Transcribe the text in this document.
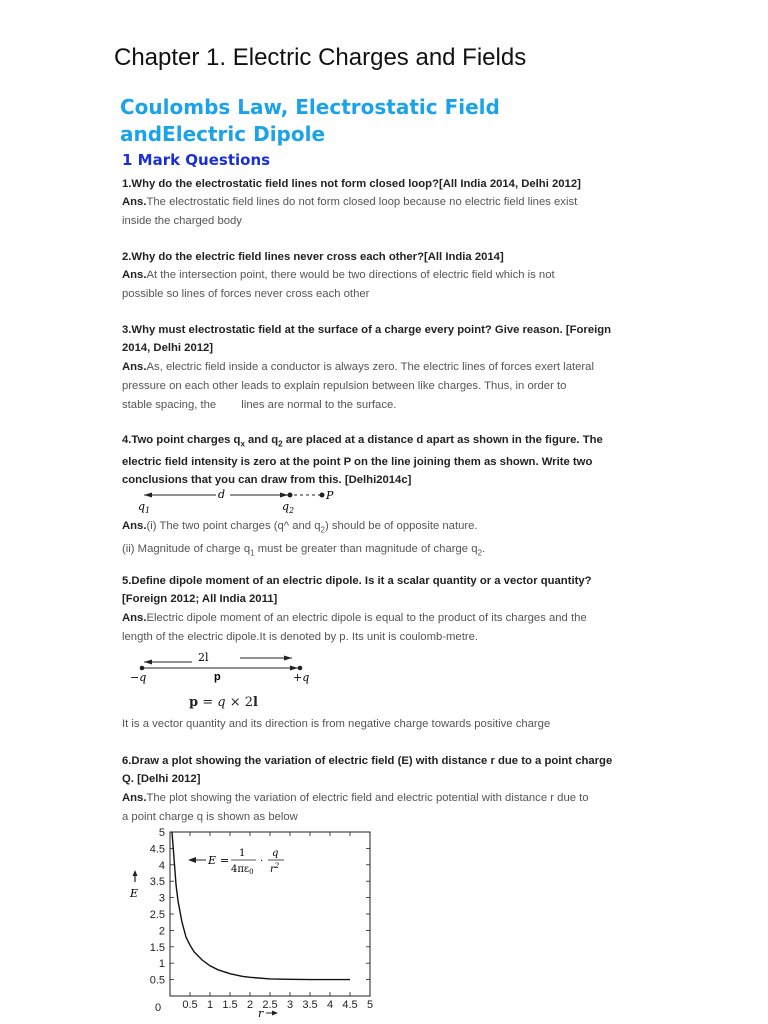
Chapter 1. Electric Charges and Fields
Coulombs Law, Electrostatic Field
andElectric Dipole
1 Mark Questions
1.Why do the electrostatic field lines not form closed loop?[All India 2014, Delhi 2012]
Ans.The electrostatic field lines do not form closed loop because no electric field lines exist
inside the charged body
2.Why do the electric field lines never cross each other?[All India 2014]
Ans.At the intersection point, there would be two directions of electric field which is not
possible so lines of forces never cross each other
3.Why must electrostatic field at the surface of a charge every point? Give reason. [Foreign
2014, Delhi 2012]
Ans.As, electric field inside a conductor is always zero. The electric lines of forces exert lateral
pressure on each other leads to explain repulsion between like charges. Thus, in order to
stable spacing, the        lines are normal to the surface.
4.Two point charges $q_x$ and $q_2$ are placed at a distance d apart as shown in the figure. The
electric field intensity is zero at the point P on the line joining them as shown. Write two
conclusions that you can draw from this. [Delhi2014c]
$q_1$
d
$q_2$
P
Ans.(i) The two point charges (q^ and $q_2$) should be of opposite nature.
(ii) Magnitude of charge $q_1$ must be greater than magnitude of charge $q_2$.
5.Define dipole moment of an electric dipole. Is it a scalar quantity or a vector quantity?
[Foreign 2012; All India 2011]
Ans.Electric dipole moment of an electric dipole is equal to the product of its charges and the
length of the electric dipole.It is denoted by p. Its unit is coulomb-metre.
2l
−q	p	+q
p = q × 2l
It is a vector quantity and its direction is from negative charge towards positive charge
6.Draw a plot showing the variation of electric field (E) with distance r due to a point charge
Q. [Delhi 2012]
Ans.The plot showing the variation of electric field and electric potential with distance r due to
a point charge q is shown as below
0.5
1
1.5
2
2.5
3
3.5
4
4.5
5
0 0.5 1 1.5 2 2.5 3 3.5 4 4.5 5
E
r
E =
1
$4\pi\varepsilon_0$
·
q
$r^2$
